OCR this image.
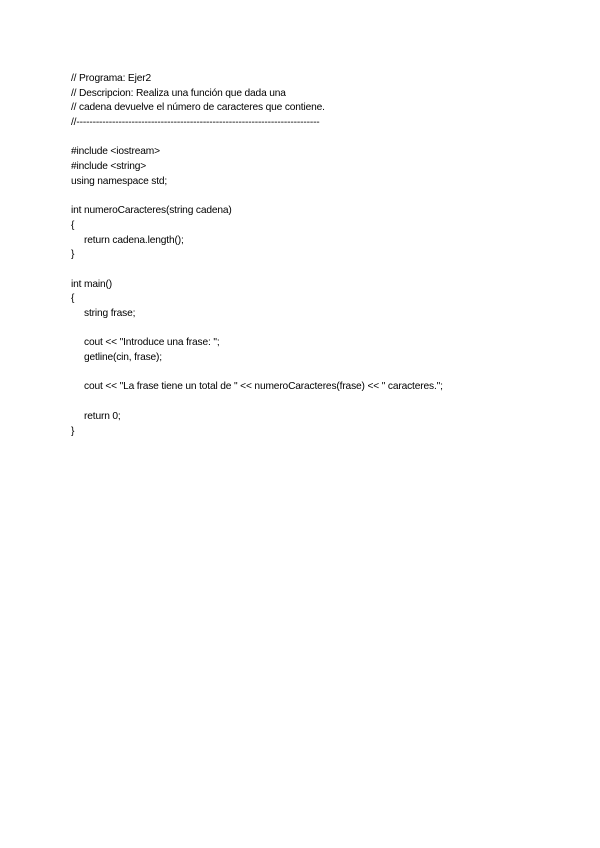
// Programa: Ejer2
// Descripcion: Realiza una función que dada una
// cadena devuelve el número de caracteres que contiene.
//---------------------------------------------------------------------------
#include <iostream>
#include <string>
using namespace std;
int numeroCaracteres(string cadena)
{
return cadena.length();
}
int main()
{
string frase;
cout << "Introduce una frase: ";
getline(cin, frase);
cout << "La frase tiene un total de " << numeroCaracteres(frase) << " caracteres.";
return 0;
}
